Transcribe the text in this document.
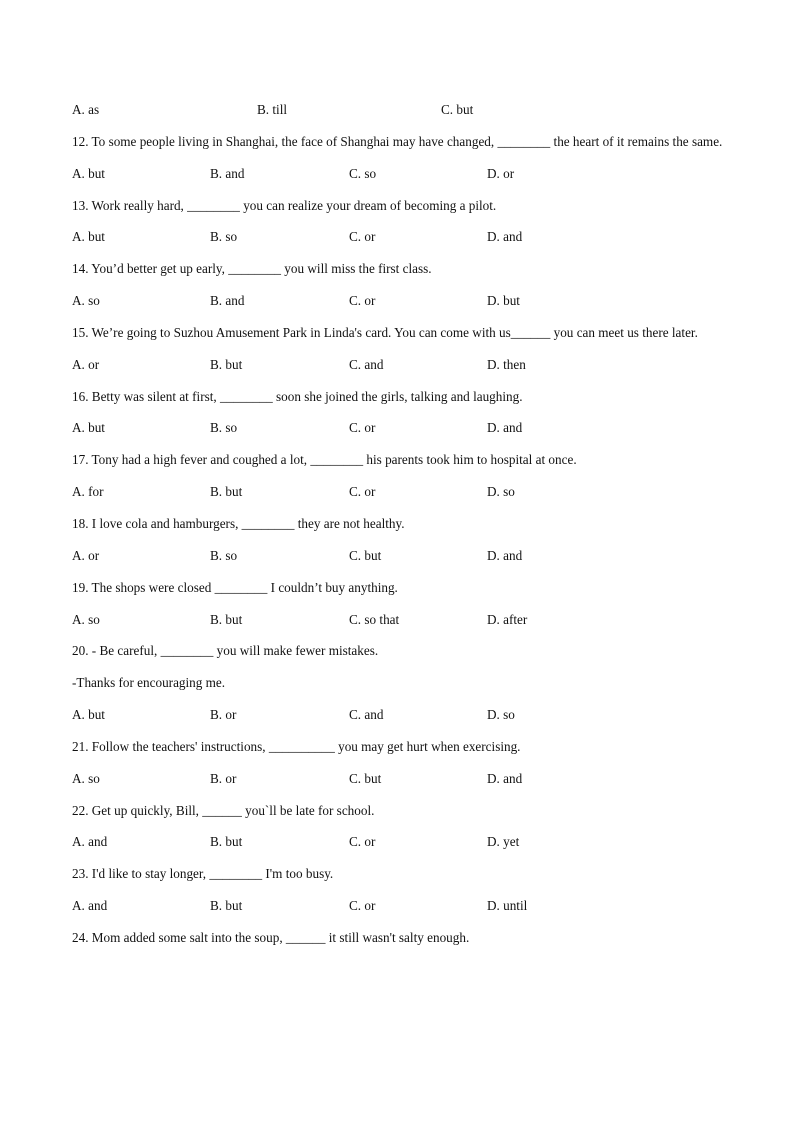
A. as	B. till	C. but
12. To some people living in Shanghai, the face of Shanghai may have changed, ________ the heart of it remains the same.
A. but	B. and	C. so	D. or
13. Work really hard, ________ you can realize your dream of becoming a pilot.
A. but	B. so	C. or	D. and
14. You’d better get up early, ________ you will miss the first class.
A. so	B. and	C. or	D. but
15. We’re going to Suzhou Amusement Park in Linda's card. You can come with us______ you can meet us there later.
A. or	B. but	C. and	D. then
16. Betty was silent at first, ________ soon she joined the girls, talking and laughing.
A. but	B. so	C. or	D. and
17. Tony had a high fever and coughed a lot, ________ his parents took him to hospital at once.
A. for	B. but	C. or	D. so
18. I love cola and hamburgers, ________ they are not healthy.
A. or	B. so	C. but	D. and
19. The shops were closed ________ I couldn’t buy anything.
A. so	B. but	C. so that	D. after
20. - Be careful, ________ you will make fewer mistakes.
-Thanks for encouraging me.
A. but	B. or	C. and	D. so
21. Follow the teachers' instructions, __________ you may get hurt when exercising.
A. so	B. or	C. but	D. and
22. Get up quickly, Bill, ______ you`ll be late for school.
A. and	B. but	C. or	D. yet
23. I'd like to stay longer, ________ I'm too busy.
A. and	B. but	C. or	D. until
24. Mom added some salt into the soup, ______ it still wasn't salty enough.
